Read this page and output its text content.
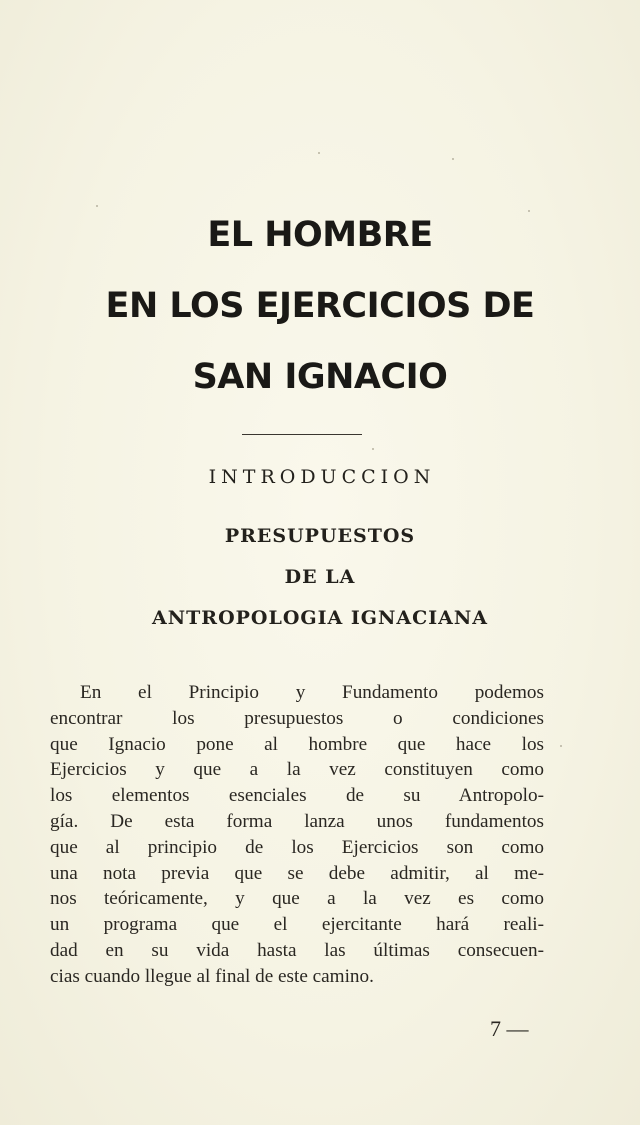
EL HOMBRE
EN LOS EJERCICIOS DE
SAN IGNACIO
INTRODUCCION
PRESUPUESTOS
DE LA
ANTROPOLOGIA IGNACIANA
En el Principio y Fundamento podemos
encontrar los presupuestos o condiciones
que Ignacio pone al hombre que hace los
Ejercicios y que a la vez constituyen como
los elementos esenciales de su Antropolo-
gía. De esta forma lanza unos fundamentos
que al principio de los Ejercicios son como
una nota previa que se debe admitir, al me-
nos teóricamente, y que a la vez es como
un programa que el ejercitante hará reali-
dad en su vida hasta las últimas consecuen-
cias cuando llegue al final de este camino.
7 —
